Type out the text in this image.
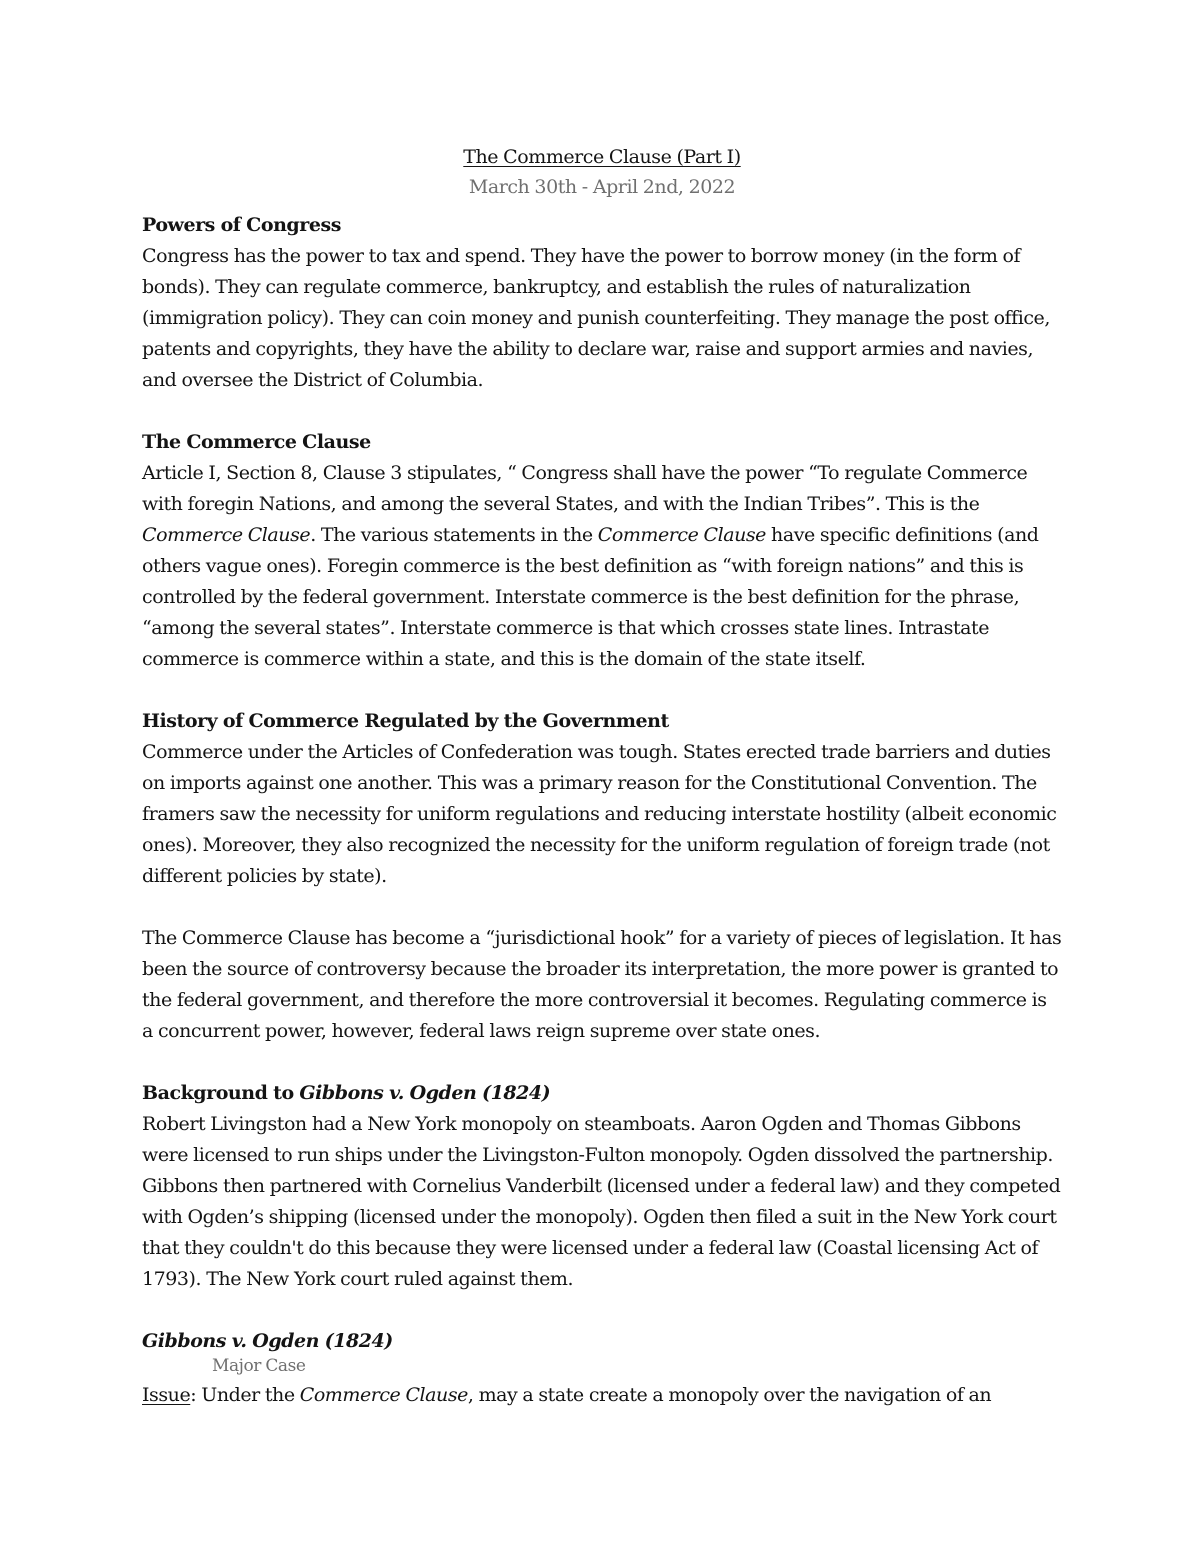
The Commerce Clause (Part I)
March 30th - April 2nd, 2022
Powers of Congress

Congress has the power to tax and spend. They have the power to borrow money (in the form of bonds). They can regulate commerce, bankruptcy, and establish the rules of naturalization (immigration policy). They can coin money and punish counterfeiting. They manage the post office, patents and copyrights, they have the ability to declare war, raise and support armies and navies, and oversee the District of Columbia.

The Commerce Clause

Article I, Section 8, Clause 3 stipulates, “ Congress shall have the power “To regulate Commerce with foregin Nations, and among the several States, and with the Indian Tribes”. This is the Commerce Clause. The various statements in the Commerce Clause have specific definitions (and others vague ones). Foregin commerce is the best definition as “with foreign nations” and this is controlled by the federal government. Interstate commerce is the best definition for the phrase, “among the several states”. Interstate commerce is that which crosses state lines. Intrastate commerce is commerce within a state, and this is the domain of the state itself.

History of Commerce Regulated by the Government

Commerce under the Articles of Confederation was tough. States erected trade barriers and duties on imports against one another. This was a primary reason for the Constitutional Convention. The framers saw the necessity for uniform regulations and reducing interstate hostility (albeit economic ones). Moreover, they also recognized the necessity for the uniform regulation of foreign trade (not different policies by state).

The Commerce Clause has become a “jurisdictional hook” for a variety of pieces of legislation. It has been the source of controversy because the broader its interpretation, the more power is granted to the federal government, and therefore the more controversial it becomes. Regulating commerce is a concurrent power, however, federal laws reign supreme over state ones.

Background to Gibbons v. Ogden (1824)

Robert Livingston had a New York monopoly on steamboats. Aaron Ogden and Thomas Gibbons were licensed to run ships under the Livingston-Fulton monopoly. Ogden dissolved the partnership. Gibbons then partnered with Cornelius Vanderbilt (licensed under a federal law) and they competed with Ogden’s shipping (licensed under the monopoly). Ogden then filed a suit in the New York court that they couldn't do this because they were licensed under a federal law (Coastal licensing Act of 1793). The New York court ruled against them.

Gibbons v. Ogden (1824)
Major Case

Issue: Under the Commerce Clause, may a state create a monopoly over the navigation of an
